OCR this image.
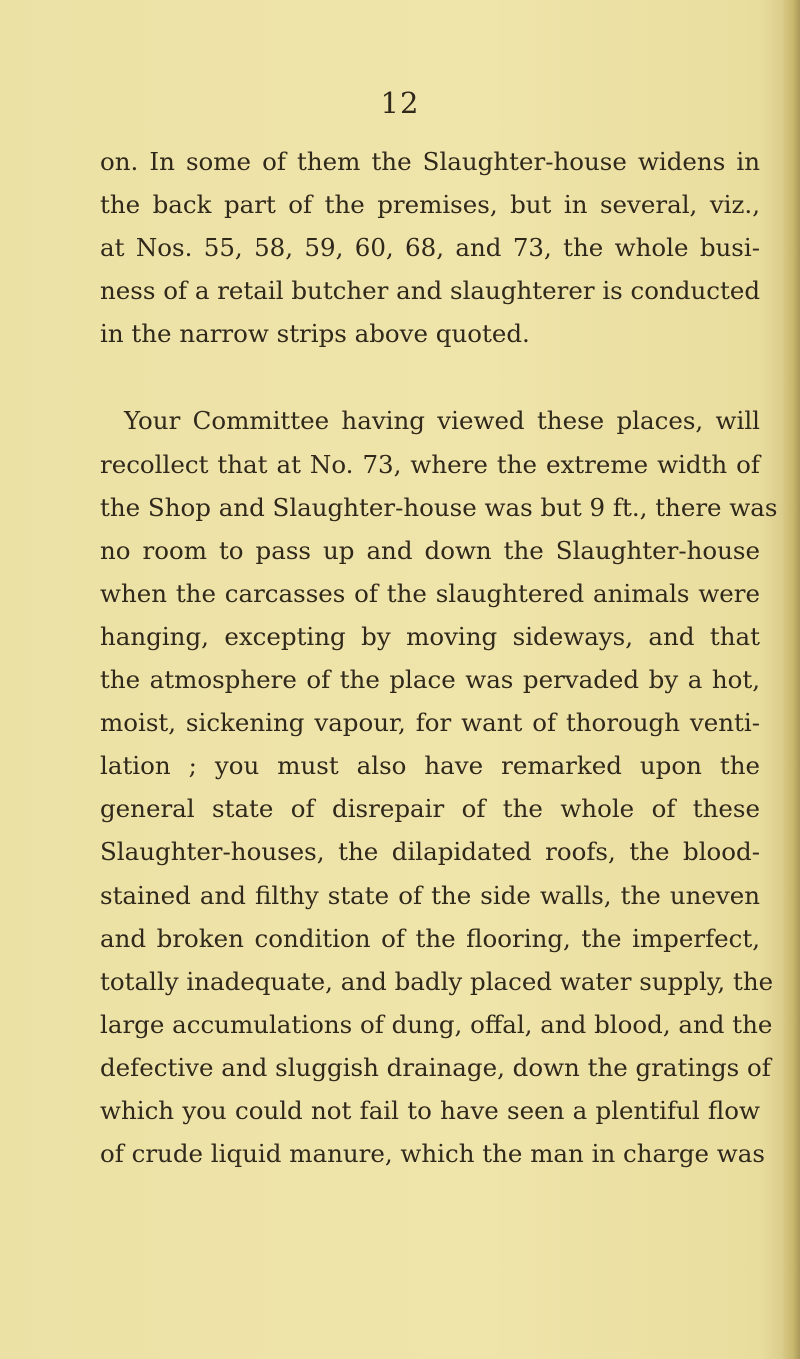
12
on. In some of them the Slaughter-house widens in
the back part of the premises, but in several, viz.,
at Nos. 55, 58, 59, 60, 68, and 73, the whole busi-
ness of a retail butcher and slaughterer is conducted
in the narrow strips above quoted.
Your Committee having viewed these places, will
recollect that at No. 73, where the extreme width of
the Shop and Slaughter-house was but 9 ft., there was
no room to pass up and down the Slaughter-house
when the carcasses of the slaughtered animals were
hanging, excepting by moving sideways, and that
the atmosphere of the place was pervaded by a hot,
moist, sickening vapour, for want of thorough venti-
lation ; you must also have remarked upon the
general state of disrepair of the whole of these
Slaughter-houses, the dilapidated roofs, the blood-
stained and filthy state of the side walls, the uneven
and broken condition of the flooring, the imperfect,
totally inadequate, and badly placed water supply, the
large accumulations of dung, offal, and blood, and the
defective and sluggish drainage, down the gratings of
which you could not fail to have seen a plentiful flow
of crude liquid manure, which the man in charge was
